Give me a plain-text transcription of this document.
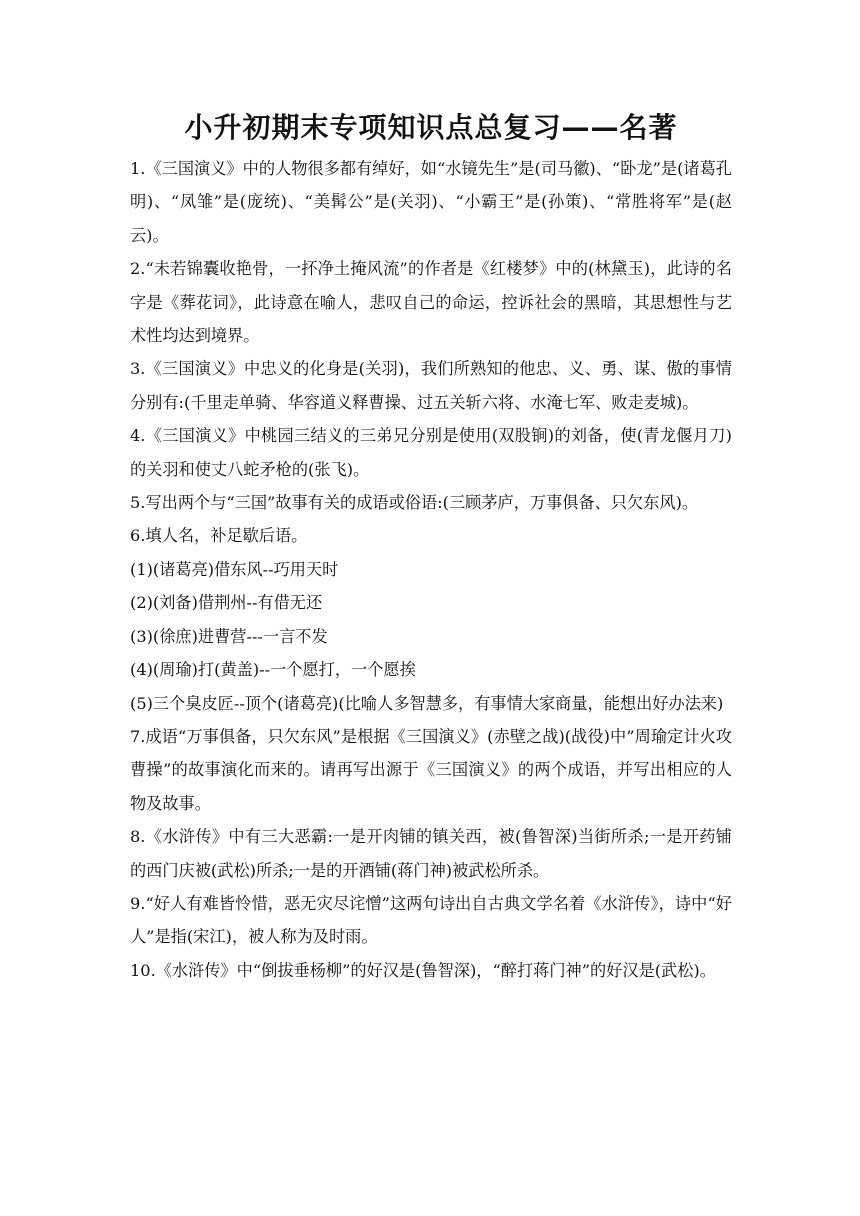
小升初期末专项知识点总复习——名著

1.《三国演义》中的人物很多都有绰好，如“水镜先生”是(司马徽)、“卧龙”是(诸葛孔明)、“凤雏”是(庞统)、“美髯公”是(关羽)、“小霸王”是(孙策)、“常胜将军”是(赵云)。

2.“未若锦囊收艳骨，一抔净土掩风流”的作者是《红楼梦》中的(林黛玉)，此诗的名字是《葬花词》，此诗意在喻人，悲叹自己的命运，控诉社会的黑暗，其思想性与艺术性均达到境界。

3.《三国演义》中忠义的化身是(关羽)，我们所熟知的他忠、义、勇、谋、傲的事情分别有:(千里走单骑、华容道义释曹操、过五关斩六将、水淹七军、败走麦城)。

4.《三国演义》中桃园三结义的三弟兄分别是使用(双股锏)的刘备，使(青龙偃月刀)的关羽和使丈八蛇矛枪的(张飞)。

5.写出两个与“三国”故事有关的成语或俗语:(三顾茅庐，万事俱备、只欠东风)。

6.填人名，补足歇后语。

(1)(诸葛亮)借东风--巧用天时

(2)(刘备)借荆州--有借无还

(3)(徐庶)进曹营---一言不发

(4)(周瑜)打(黄盖)--一个愿打，一个愿挨

(5)三个臭皮匠--顶个(诸葛亮)(比喻人多智慧多，有事情大家商量，能想出好办法来)

7.成语“万事俱备，只欠东风”是根据《三国演义》(赤壁之战)(战役)中”周瑜定计火攻曹操”的故事演化而来的。请再写出源于《三国演义》的两个成语，并写出相应的人物及故事。

8.《水浒传》中有三大恶霸:一是开肉铺的镇关西，被(鲁智深)当街所杀;一是开药铺的西门庆被(武松)所杀;一是的开酒铺(蒋门神)被武松所杀。

9.“好人有难皆怜惜，恶无灾尽诧憎”这两句诗出自古典文学名着《水浒传》，诗中“好人”是指(宋江)，被人称为及时雨。

10.《水浒传》中“倒拔垂杨柳”的好汉是(鲁智深)，“醉打蒋门神”的好汉是(武松)。
